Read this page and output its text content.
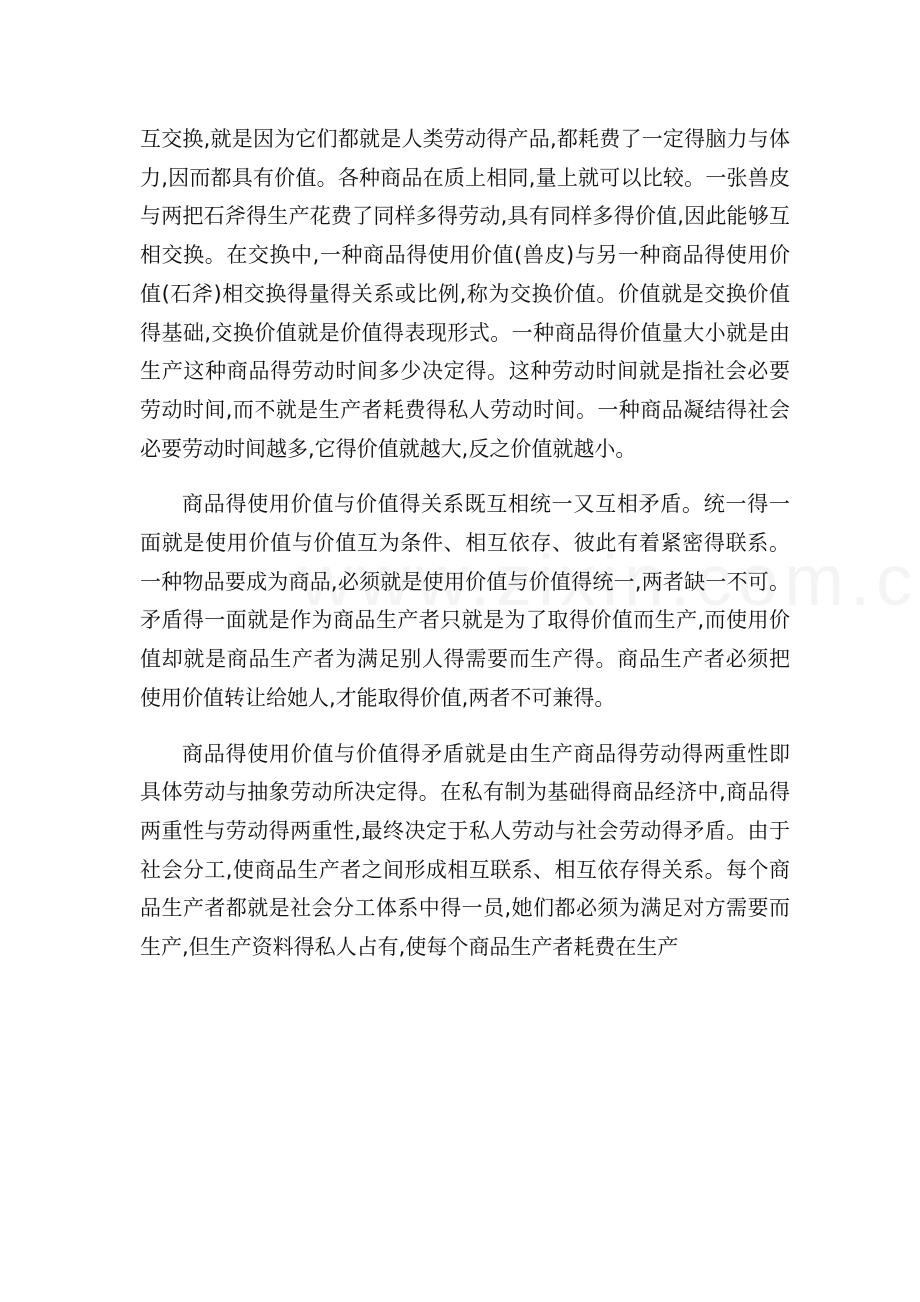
互交换,就是因为它们都就是人类劳动得产品,都耗费了一定得脑力与体力,因而都具有价值。各种商品在质上相同,量上就可以比较。一张兽皮与两把石斧得生产花费了同样多得劳动,具有同样多得价值,因此能够互相交换。在交换中,一种商品得使用价值(兽皮)与另一种商品得使用价值(石斧)相交换得量得关系或比例,称为交换价值。价值就是交换价值得基础,交换价值就是价值得表现形式。一种商品得价值量大小就是由生产这种商品得劳动时间多少决定得。这种劳动时间就是指社会必要劳动时间,而不就是生产者耗费得私人劳动时间。一种商品凝结得社会必要劳动时间越多,它得价值就越大,反之价值就越小。

商品得使用价值与价值得关系既互相统一又互相矛盾。统一得一面就是使用价值与价值互为条件、相互依存、彼此有着紧密得联系。一种物品要成为商品,必须就是使用价值与价值得统一,两者缺一不可。矛盾得一面就是作为商品生产者只就是为了取得价值而生产,而使用价值却就是商品生产者为满足别人得需要而生产得。商品生产者必须把使用价值转让给她人,才能取得价值,两者不可兼得。

商品得使用价值与价值得矛盾就是由生产商品得劳动得两重性即具体劳动与抽象劳动所决定得。在私有制为基础得商品经济中,商品得两重性与劳动得两重性,最终决定于私人劳动与社会劳动得矛盾。由于社会分工,使商品生产者之间形成相互联系、相互依存得关系。每个商品生产者都就是社会分工体系中得一员,她们都必须为满足对方需要而生产,但生产资料得私人占有,使每个商品生产者耗费在生产
